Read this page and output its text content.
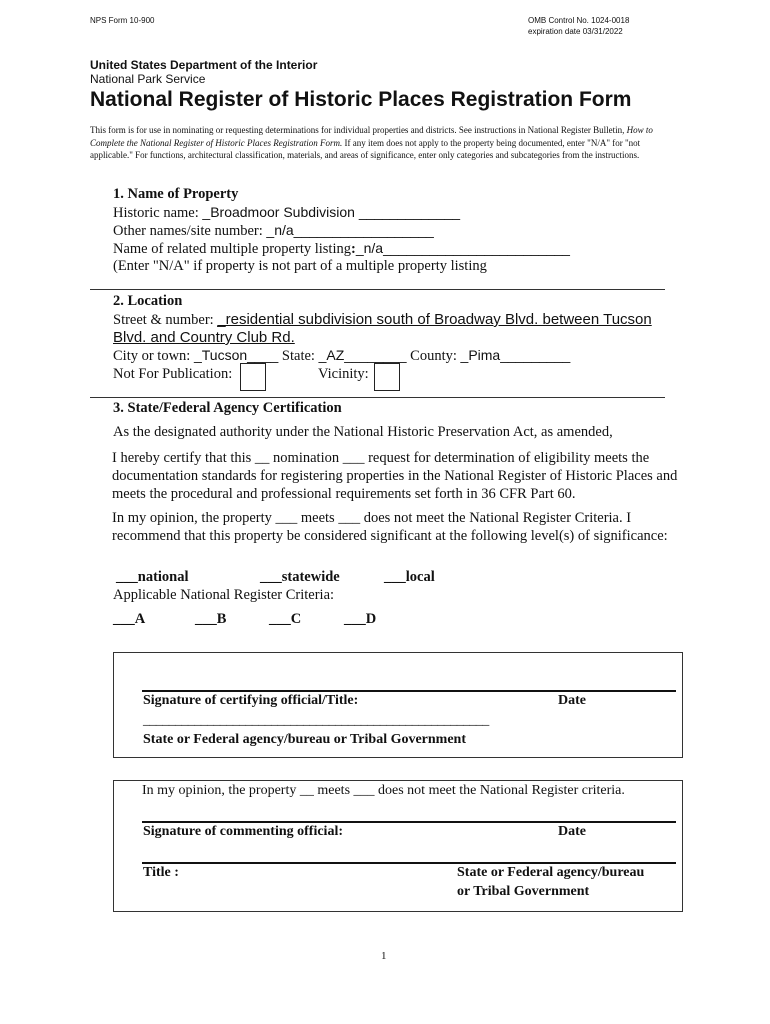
NPS Form 10-900	OMB Control No. 1024-0018
expiration date 03/31/2022
United States Department of the Interior
National Park Service
National Register of Historic Places Registration Form
This form is for use in nominating or requesting determinations for individual properties and districts. See instructions in National Register Bulletin, How to Complete the National Register of Historic Places Registration Form. If any item does not apply to the property being documented, enter "N/A" for "not applicable." For functions, architectural classification, materials, and areas of significance, enter only categories and subcategories from the instructions.
1. Name of Property
Historic name: _Broadmoor Subdivision _____________
Other names/site number: _n/a__________________
Name of related multiple property listing:_n/a________________________
(Enter "N/A" if property is not part of a multiple property listing
2. Location
Street & number: _residential subdivision south of Broadway Blvd. between Tucson
Blvd. and Country Club Rd.
City or town: _Tucson____ State: _AZ________ County: _Pima_________
Not For Publication:	Vicinity:
3. State/Federal Agency Certification
As the designated authority under the National Historic Preservation Act, as amended,
I hereby certify that this __ nomination ___ request for determination of eligibility meets the documentation standards for registering properties in the National Register of Historic Places and meets the procedural and professional requirements set forth in 36 CFR Part 60.
In my opinion, the property ___ meets ___ does not meet the National Register Criteria. I recommend that this property be considered significant at the following level(s) of significance:
___national	___statewide	___local
Applicable National Register Criteria:
___A	___B	___C	___D
Signature of certifying official/Title:	Date
______________________________________________________
State or Federal agency/bureau or Tribal Government
In my opinion, the property __ meets ___ does not meet the National Register criteria.
Signature of commenting official:	Date
Title :	State or Federal agency/bureau
or Tribal Government
1
